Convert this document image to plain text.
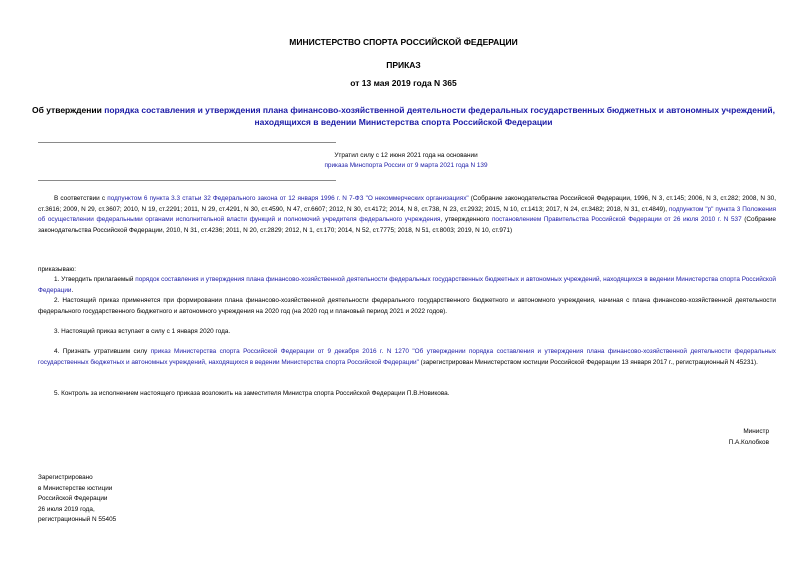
МИНИСТЕРСТВО СПОРТА РОССИЙСКОЙ ФЕДЕРАЦИИ
ПРИКАЗ
от 13 мая 2019 года N 365
Об утверждении порядка составления и утверждения плана финансово-хозяйственной деятельности федеральных государственных бюджетных и автономных учреждений, находящихся в ведении Министерства спорта Российской Федерации
Утратил силу с 12 июня 2021 года на основании
приказа Минспорта России от 9 марта 2021 года N 139
В соответствии с подпунктом 6 пункта 3.3 статьи 32 Федерального закона от 12 января 1996 г. N 7-ФЗ "О некоммерческих организациях" (Собрание законодательства Российской Федерации, 1996, N 3, ст.145; 2006, N 3, ст.282; 2008, N 30, ст.3616; 2009, N 29, ст.3607; 2010, N 19, ст.2291; 2011, N 29, ст.4291, N 30, ст.4590, N 47, ст.6607; 2012, N 30, ст.4172; 2014, N 8, ст.738, N 23, ст.2932; 2015, N 10, ст.1413; 2017, N 24, ст.3482; 2018, N 31, ст.4849), подпунктом "р" пункта 3 Положения об осуществлении федеральными органами исполнительной власти функций и полномочий учредителя федерального учреждения, утвержденного постановлением Правительства Российской Федерации от 26 июля 2010 г. N 537 (Собрание законодательства Российской Федерации, 2010, N 31, ст.4236; 2011, N 20, ст.2829; 2012, N 1, ст.170; 2014, N 52, ст.7775; 2018, N 51, ст.8003; 2019, N 10, ст.971)
приказываю:
1. Утвердить прилагаемый порядок составления и утверждения плана финансово-хозяйственной деятельности федеральных государственных бюджетных и автономных учреждений, находящихся в ведении Министерства спорта Российской Федерации.
2. Настоящий приказ применяется при формировании плана финансово-хозяйственной деятельности федерального государственного бюджетного и автономного учреждения, начиная с плана финансово-хозяйственной деятельности федерального государственного бюджетного и автономного учреждения на 2020 год (на 2020 год и плановый период 2021 и 2022 годов).
3. Настоящий приказ вступает в силу с 1 января 2020 года.
4. Признать утратившим силу приказ Министерства спорта Российской Федерации от 9 декабря 2016 г. N 1270 "Об утверждении порядка составления и утверждения плана финансово-хозяйственной деятельности федеральных государственных бюджетных и автономных учреждений, находящихся в ведении Министерства спорта Российской Федерации" (зарегистрирован Министерством юстиции Российской Федерации 13 января 2017 г., регистрационный N 45231).
5. Контроль за исполнением настоящего приказа возложить на заместителя Министра спорта Российской Федерации П.В.Новикова.
Министр
П.А.Колобков
Зарегистрировано
в Министерстве юстиции
Российской Федерации
26 июля 2019 года,
регистрационный N 55405
